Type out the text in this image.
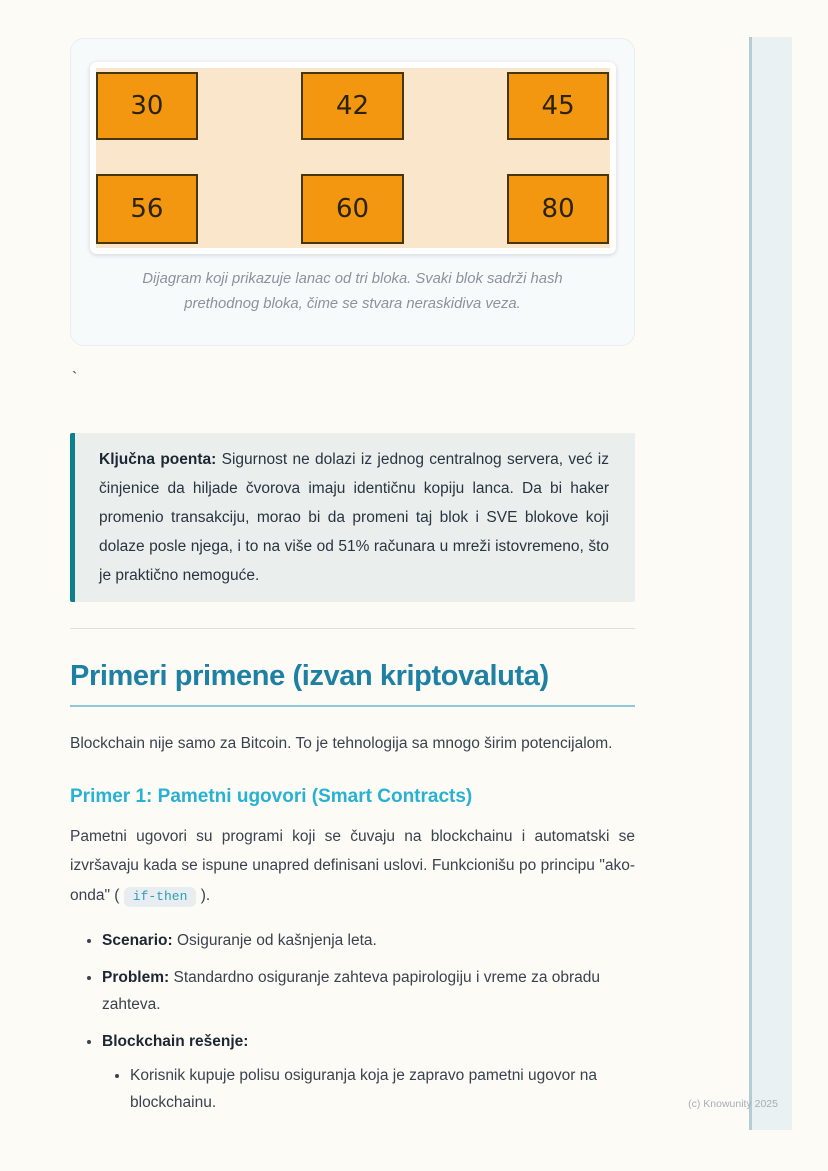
30	42	45
56	60	80

Dijagram koji prikazuje lanac od tri bloka. Svaki blok sadrži hash prethodnog bloka, čime se stvara neraskidiva veza.

`

Ključna poenta: Sigurnost ne dolazi iz jednog centralnog servera, već iz činjenice da hiljade čvorova imaju identičnu kopiju lanca. Da bi haker promenio transakciju, morao bi da promeni taj blok i SVE blokove koji dolaze posle njega, i to na više od 51% računara u mreži istovremeno, što je praktično nemoguće.

Primeri primene (izvan kriptovaluta)

Blockchain nije samo za Bitcoin. To je tehnologija sa mnogo širim potencijalom.

Primer 1: Pametni ugovori (Smart Contracts)

Pametni ugovori su programi koji se čuvaju na blockchainu i automatski se izvršavaju kada se ispune unapred definisani uslovi. Funkcionišu po principu "ako-onda" ( if-then ).

• Scenario: Osiguranje od kašnjenja leta.
• Problem: Standardno osiguranje zahteva papirologiju i vreme za obradu zahteva.
• Blockchain rešenje:
• Korisnik kupuje polisu osiguranja koja je zapravo pametni ugovor na blockchainu.	(c) Knowunity 2025
